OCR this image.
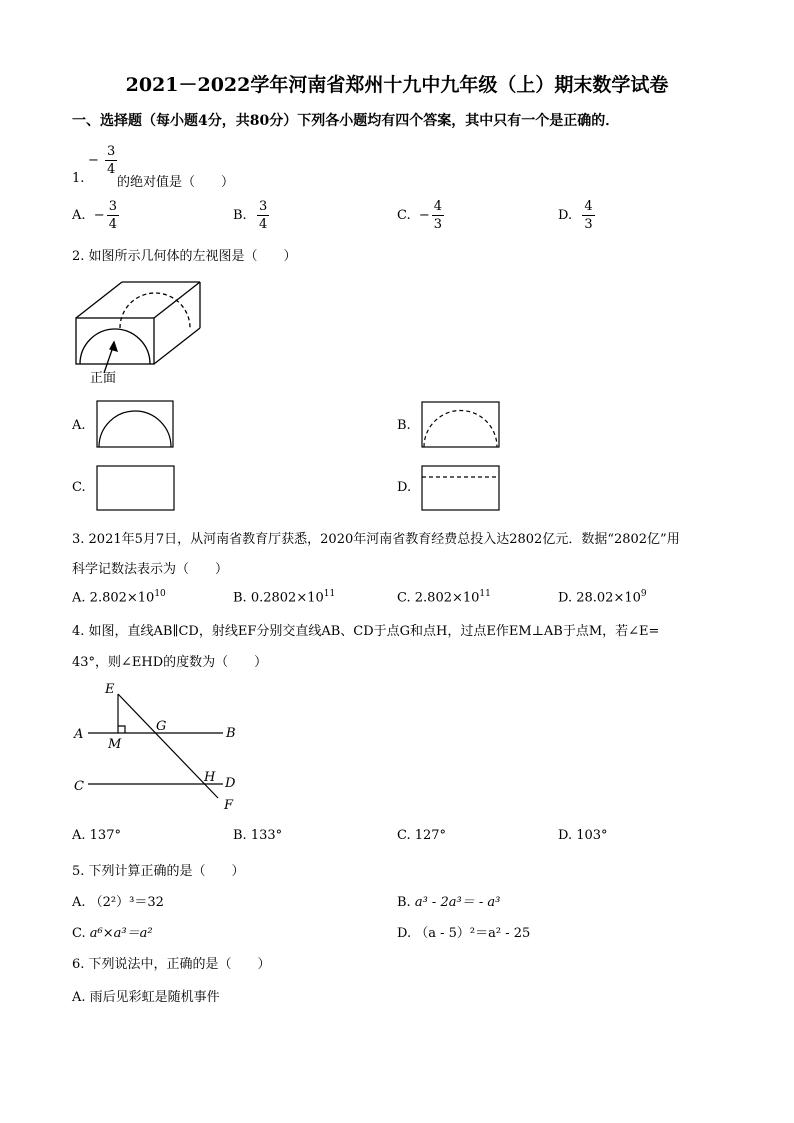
2021－2022学年河南省郑州十九中九年级（上）期末数学试卷
一、选择题（每小题4分，共80分）下列各小题均有四个答案，其中只有一个是正确的．
− $\frac{3}{4}$
1.	的绝对值是（　　）
A. − $\frac{3}{4}$	B. $\frac{3}{4}$	C. − $\frac{4}{3}$	D. $\frac{4}{3}$
2. 如图所示几何体的左视图是（　　）
正面
A.	B.
C.	D.
3. 2021年5月7日，从河南省教育厅获悉，2020年河南省教育经费总投入达2802亿元．数据“2802亿”用
科学记数法表示为（　　）
A. $2.802\times 10^{10}$	B. $0.2802\times 10^{11}$	C. $2.802\times 10^{11}$	D. $28.02\times 10^9$
4. 如图，直线AB∥CD，射线EF分别交直线AB、CD于点G和点H，过点E作EM⊥AB于点M，若∠E=
43°，则∠EHD的度数为（　　）
E
A
M
G	B
C
H D
F
A. 137°	B. 133°	C. 127°	D. 103°
5. 下列计算正确的是（　　）
A. （2²）³＝32	B. a³ - 2a³＝ - a³
C. a⁶×a³＝a²	D. （a - 5）²＝a² - 25
6. 下列说法中，正确的是（　　）
A. 雨后见彩虹是随机事件
